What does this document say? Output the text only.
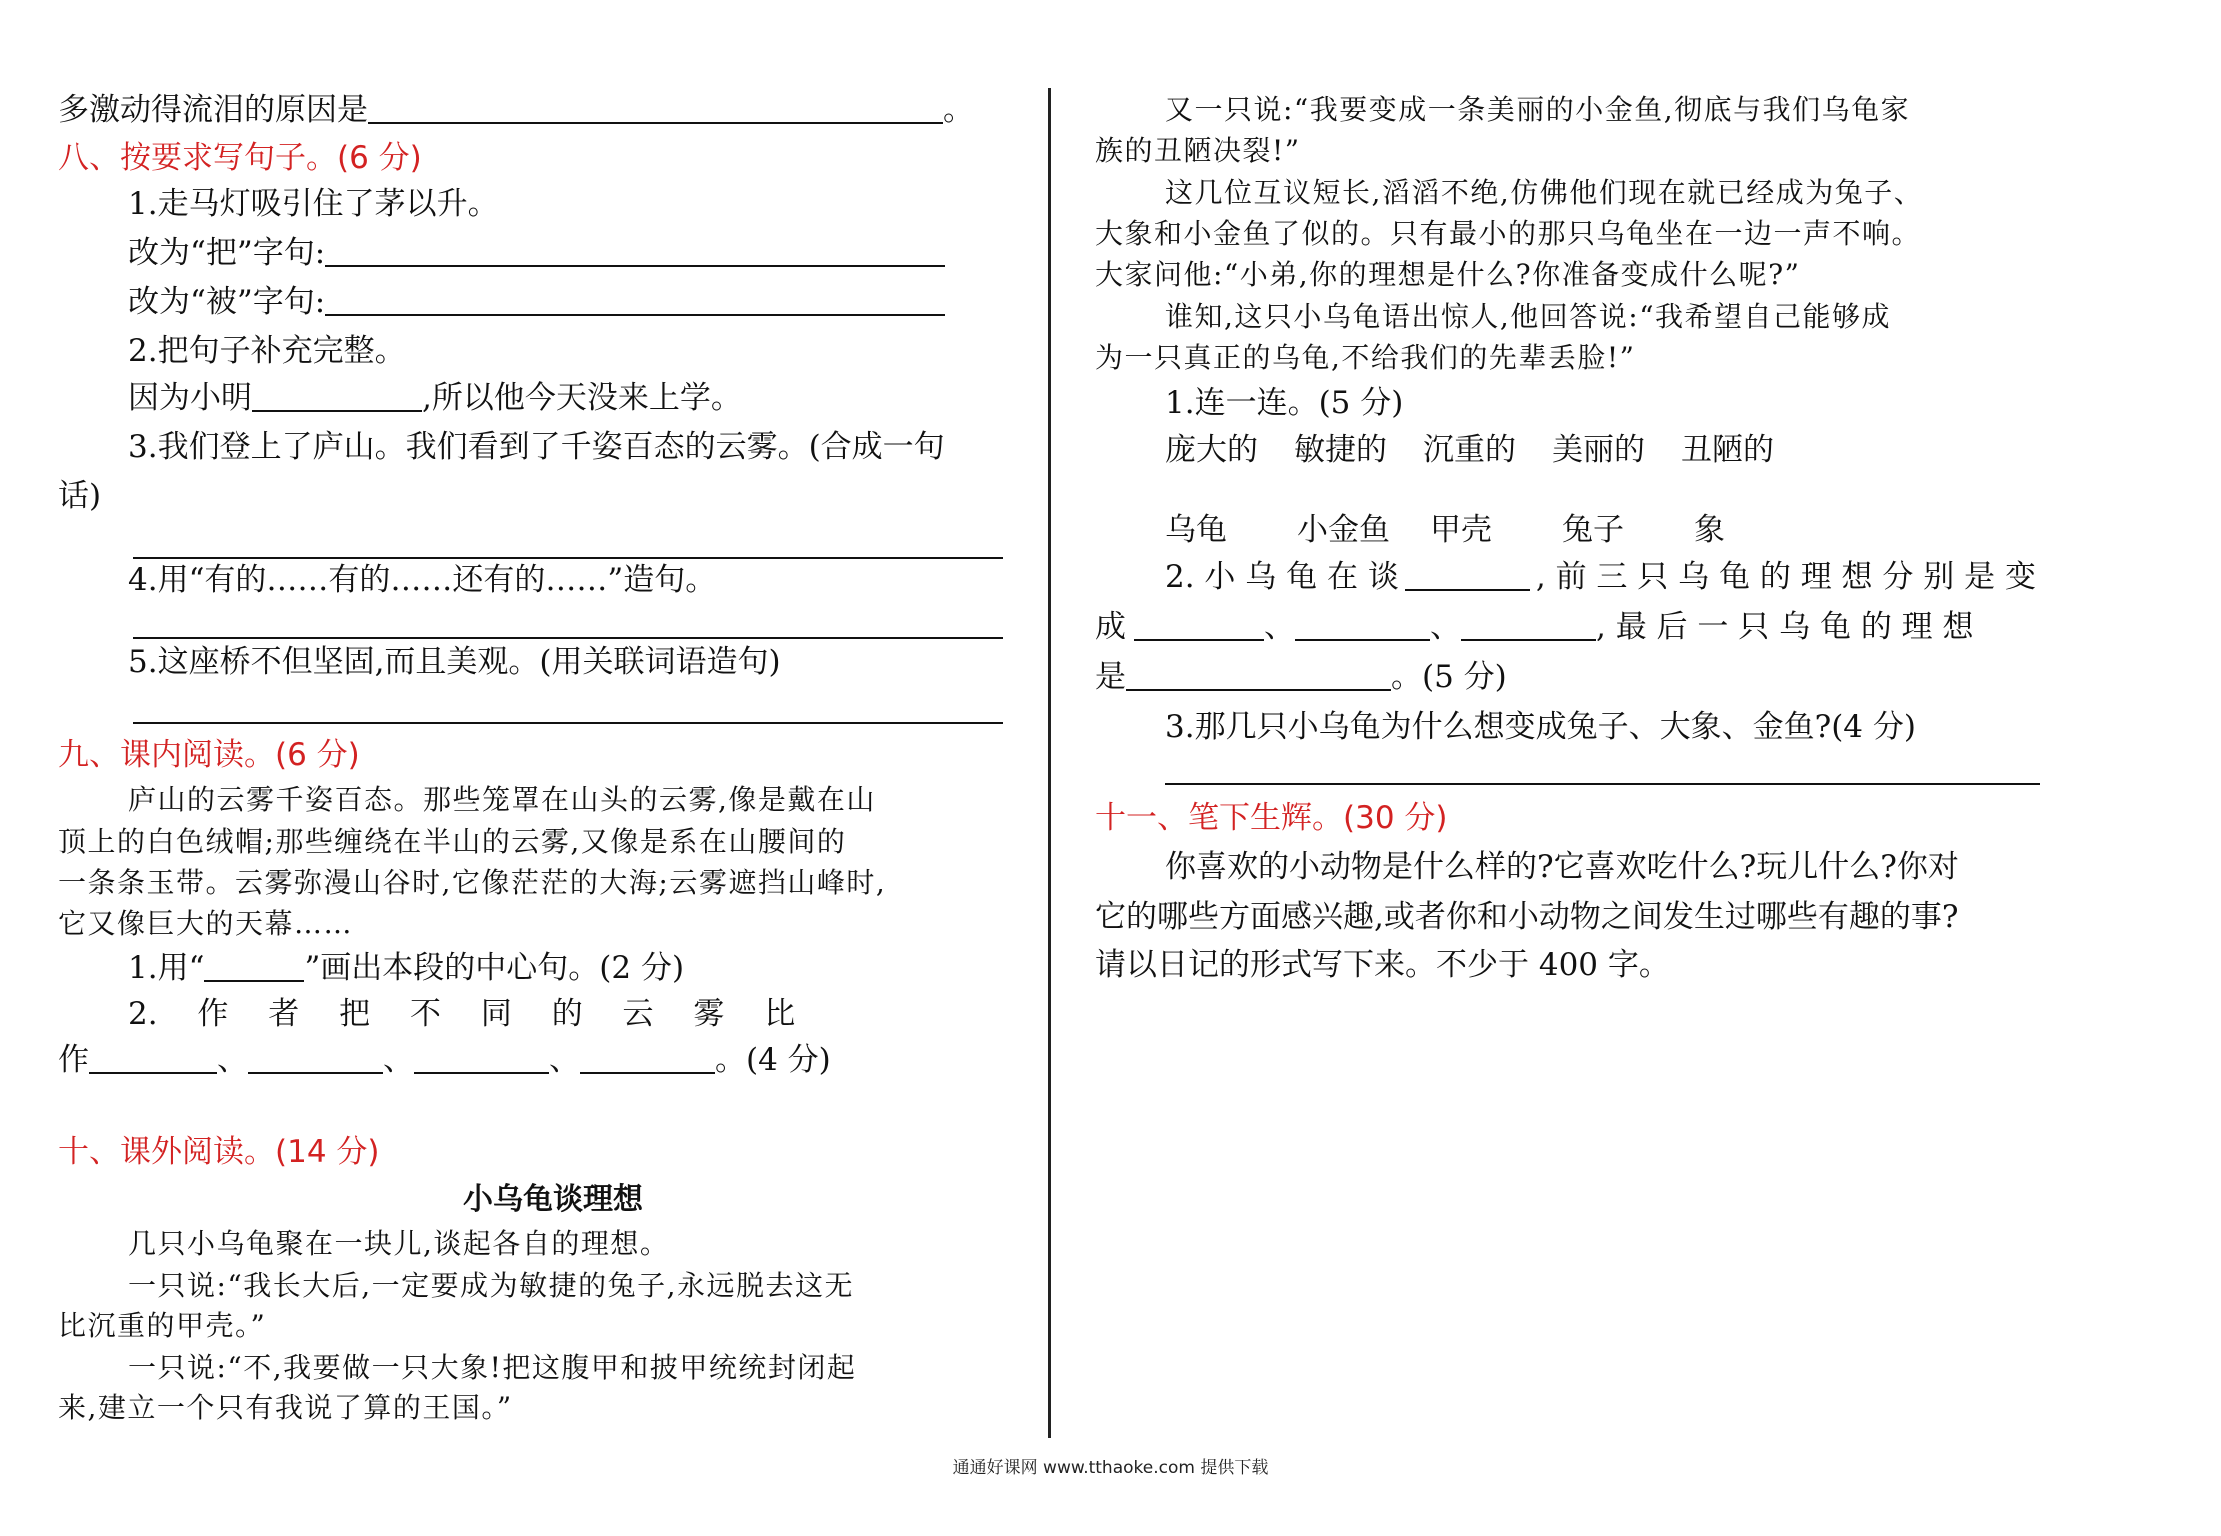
多激动得流泪的原因是	。
八、按要求写句子。(6 分)
1.走马灯吸引住了茅以升。
改为“把”字句:
改为“被”字句:
2.把句子补充完整。
因为小明	,所以他今天没来上学。
3.我们登上了庐山。我们看到了千姿百态的云雾。(合成一句
话)
4.用“有的……有的……还有的……”造句。
5.这座桥不但坚固,而且美观。(用关联词语造句)
九、课内阅读。(6 分)
庐山的云雾千姿百态。那些笼罩在山头的云雾,像是戴在山
顶上的白色绒帽;那些缠绕在半山的云雾,又像是系在山腰间的
一条条玉带。云雾弥漫山谷时,它像茫茫的大海;云雾遮挡山峰时,
它又像巨大的天幕……
1.用“	”画出本段的中心句。(2 分)
2. 作 者 把 不 同 的 云 雾 比
作	、	、	、	。(4 分)
十、课外阅读。(14 分)
小乌龟谈理想
几只小乌龟聚在一块儿,谈起各自的理想。
一只说:“我长大后,一定要成为敏捷的兔子,永远脱去这无
比沉重的甲壳。”
一只说:“不,我要做一只大象!把这腹甲和披甲统统封闭起
来,建立一个只有我说了算的王国。”
又一只说:“我要变成一条美丽的小金鱼,彻底与我们乌龟家
族的丑陋决裂!”
这几位互议短长,滔滔不绝,仿佛他们现在就已经成为兔子、
大象和小金鱼了似的。只有最小的那只乌龟坐在一边一声不响。
大家问他:“小弟,你的理想是什么?你准备变成什么呢?”
谁知,这只小乌龟语出惊人,他回答说:“我希望自己能够成
为一只真正的乌龟,不给我们的先辈丢脸!”
1.连一连。(5 分)
庞大的 敏捷的 沉重的 美丽的 丑陋的
乌龟 小金鱼 甲壳 兔子 象
2. 小 乌 龟 在 谈	, 前 三 只 乌 龟 的 理 想 分 别 是 变
成	、	、	, 最 后 一 只 乌 龟 的 理 想
是	。(5 分)
3.那几只小乌龟为什么想变成兔子、大象、金鱼?(4 分)
十一、笔下生辉。(30 分)
你喜欢的小动物是什么样的?它喜欢吃什么?玩儿什么?你对
它的哪些方面感兴趣,或者你和小动物之间发生过哪些有趣的事?
请以日记的形式写下来。不少于 400 字。
通通好课网 www.tthaoke.com 提供下载
